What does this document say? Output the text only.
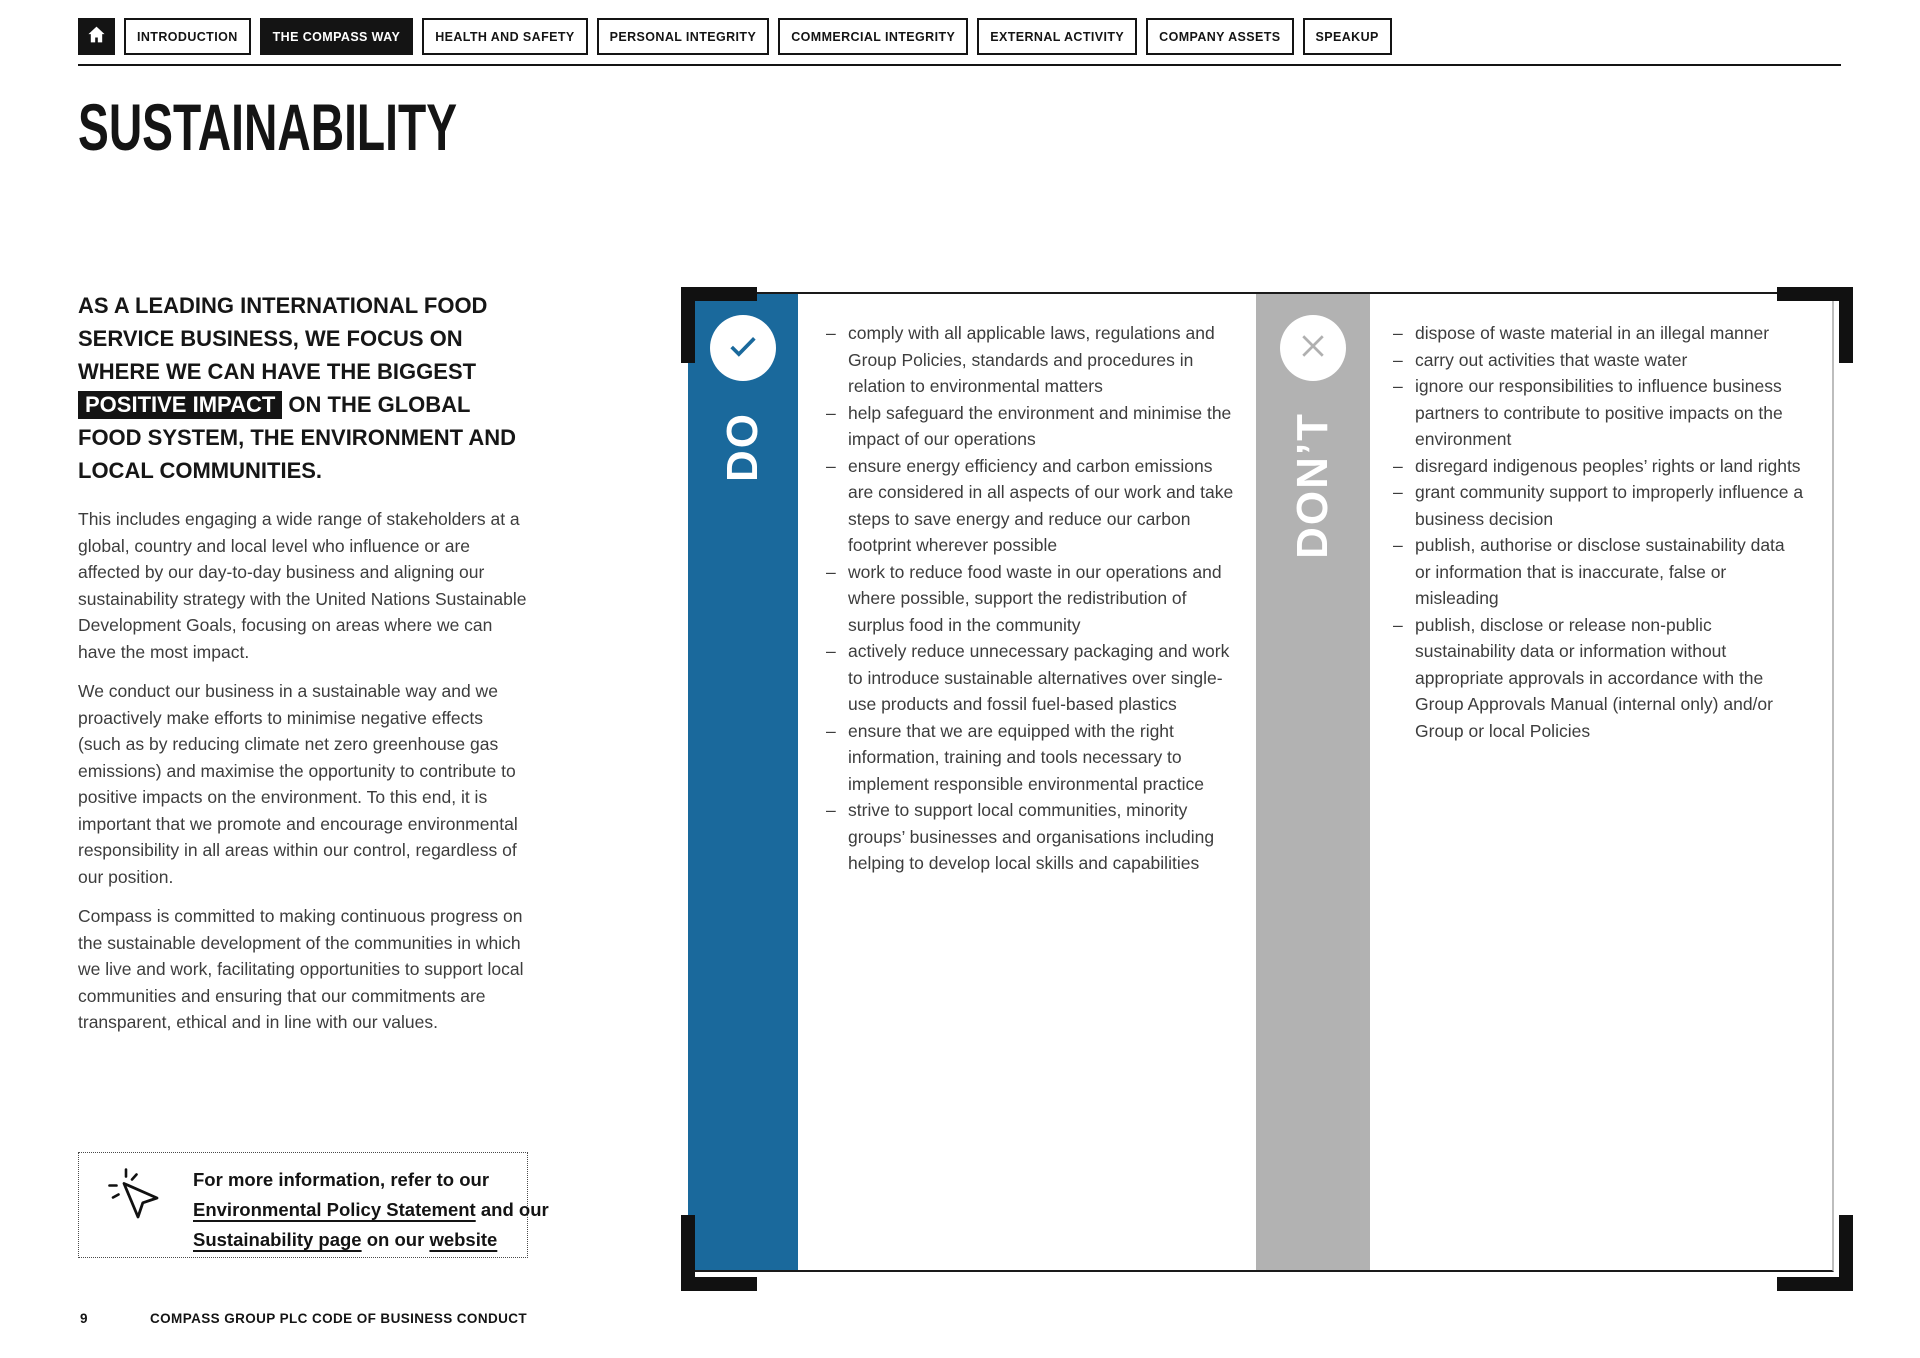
INTRODUCTION	THE COMPASS WAY	HEALTH AND SAFETY	PERSONAL INTEGRITY	COMMERCIAL INTEGRITY	EXTERNAL ACTIVITY	COMPANY ASSETS	SPEAKUP
SUSTAINABILITY

AS A LEADING INTERNATIONAL FOOD SERVICE BUSINESS, WE FOCUS ON WHERE WE CAN HAVE THE BIGGEST POSITIVE IMPACT ON THE GLOBAL FOOD SYSTEM, THE ENVIRONMENT AND LOCAL COMMUNITIES.

This includes engaging a wide range of stakeholders at a global, country and local level who influence or are affected by our day-to-day business and aligning our sustainability strategy with the United Nations Sustainable Development Goals, focusing on areas where we can have the most impact.

We conduct our business in a sustainable way and we proactively make efforts to minimise negative effects (such as by reducing climate net zero greenhouse gas emissions) and maximise the opportunity to contribute to positive impacts on the environment. To this end, it is important that we promote and encourage environmental responsibility in all areas within our control, regardless of our position.

Compass is committed to making continuous progress on the sustainable development of the communities in which we live and work, facilitating opportunities to support local communities and ensuring that our commitments are transparent, ethical and in line with our values.

For more information, refer to our
Environmental Policy Statement and our
Sustainability page on our website
DO
– comply with all applicable laws, regulations and Group Policies, standards and procedures in relation to environmental matters
– help safeguard the environment and minimise the impact of our operations
– ensure energy efficiency and carbon emissions are considered in all aspects of our work and take steps to save energy and reduce our carbon footprint wherever possible
– work to reduce food waste in our operations and where possible, support the redistribution of surplus food in the community
– actively reduce unnecessary packaging and work to introduce sustainable alternatives over single-use products and fossil fuel-based plastics
– ensure that we are equipped with the right information, training and tools necessary to implement responsible environmental practice
– strive to support local communities, minority groups’ businesses and organisations including helping to develop local skills and capabilities
DON’T
– dispose of waste material in an illegal manner
– carry out activities that waste water
– ignore our responsibilities to influence business partners to contribute to positive impacts on the environment
– disregard indigenous peoples’ rights or land rights
– grant community support to improperly influence a business decision
– publish, authorise or disclose sustainability data or information that is inaccurate, false or misleading
– publish, disclose or release non-public sustainability data or information without appropriate approvals in accordance with the Group Approvals Manual (internal only) and/or Group or local Policies
9	COMPASS GROUP PLC CODE OF BUSINESS CONDUCT
